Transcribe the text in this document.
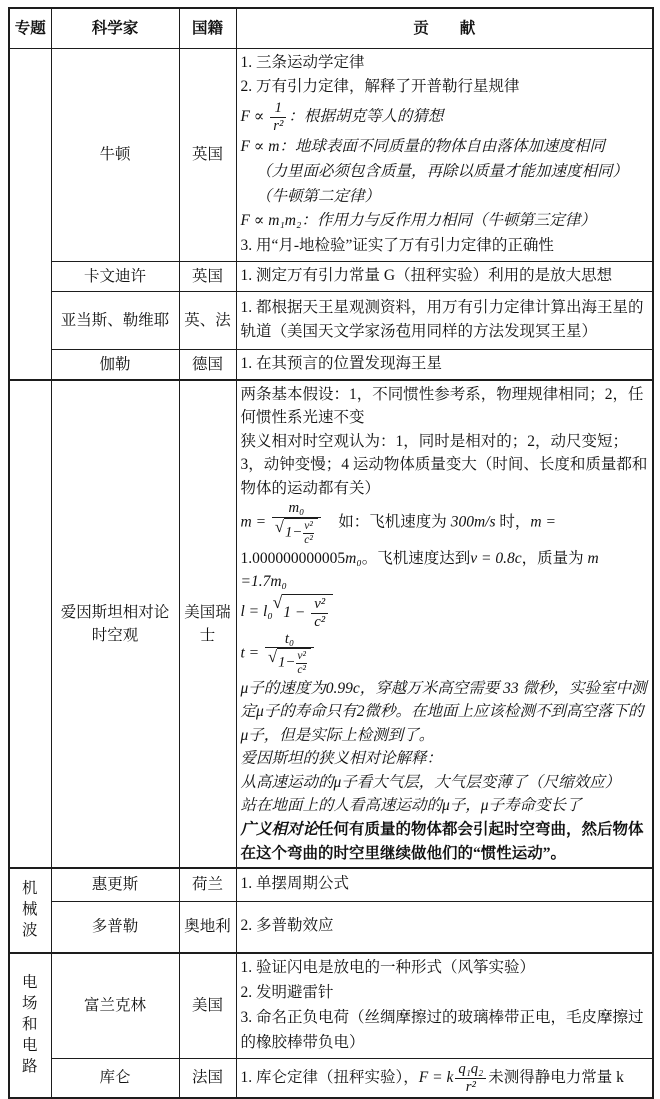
专题	科学家	国籍	贡　　献
	牛顿	英国	
1. 三条运动学定律
2. 万有引力定律，解释了开普勒行星规律
$F \propto \frac{1}{\text{r²}}$ ：根据胡克等人的猜想
F ∝ m：地球表面不同质量的物体自由落体加速度相同
（力里面必须包含质量，再除以质量才能加速度相同）
（牛顿第二定律）
F ∝ m₁m₂：作用力与反作用力相同（牛顿第三定律）
3. 用“月-地检验”证实了万有引力定律的正确性

	卡文迪许	英国	1. 测定万有引力常量 G（扭秤实验）利用的是放大思想

	亚当斯、勒维耶	英、法	1. 都根据天王星观测资料，用万有引力定律计算出海王星的轨道（美国天文学家汤苞用同样的方法发现冥王星）

	伽勒	德国	1. 在其预言的位置发现海王星

	爱因斯坦相对论时空观	美国瑞士	
两条基本假设：1，不同惯性参考系，物理规律相同；2，任何惯性系光速不变
狭义相对时空观认为：1，同时是相对的；2，动尺变短；3，动钟变慢；4 运动物体质量变大（时间、长度和质量都和物体的运动都有关）
$m = \frac{\text{m₀}}{√ 1- \frac{\text{v²}}{\text{c²}}}$ 　如：飞机速度为 300m/s 时，m = 1.000000000005m₀。飞机速度达到v = 0.8c，质量为 m =1.7m₀
l = l₀ √
$1 - \frac{\text{v²}}{\text{c²}}$
$t = \frac{\text{t₀}}{√ 1- \frac{\text{v²}}{\text{c²}}}$
μ子的速度为0.99c，穿越万米高空需要 33 微秒，实验室中测定μ子的寿命只有2微秒。在地面上应该检测不到高空落下的μ子，但是实际上检测到了。
爱因斯坦的狭义相对论解释：
从高速运动的μ子看大气层，大气层变薄了（尺缩效应）
站在地面上的人看高速运动的μ子，μ子寿命变长了
广义相对论任何有质量的物体都会引起时空弯曲，然后物体在这个弯曲的时空里继续做他们的“惯性运动”。

机械波	惠更斯	荷兰	1. 单摆周期公式

	多普勒	奥地利	2. 多普勒效应

电场和电路	富兰克林	美国	1. 验证闪电是放电的一种形式（风筝实验）
2. 发明避雷针
3. 命名正负电荷（丝绸摩擦过的玻璃棒带正电，毛皮摩擦过的橡胶棒带负电）

	库仑	法国	1. 库仑定律（扭秤实验），F = k $\frac{\text{q₁q₂}}{\text{r²}}$ 未测得静电力常量 k
